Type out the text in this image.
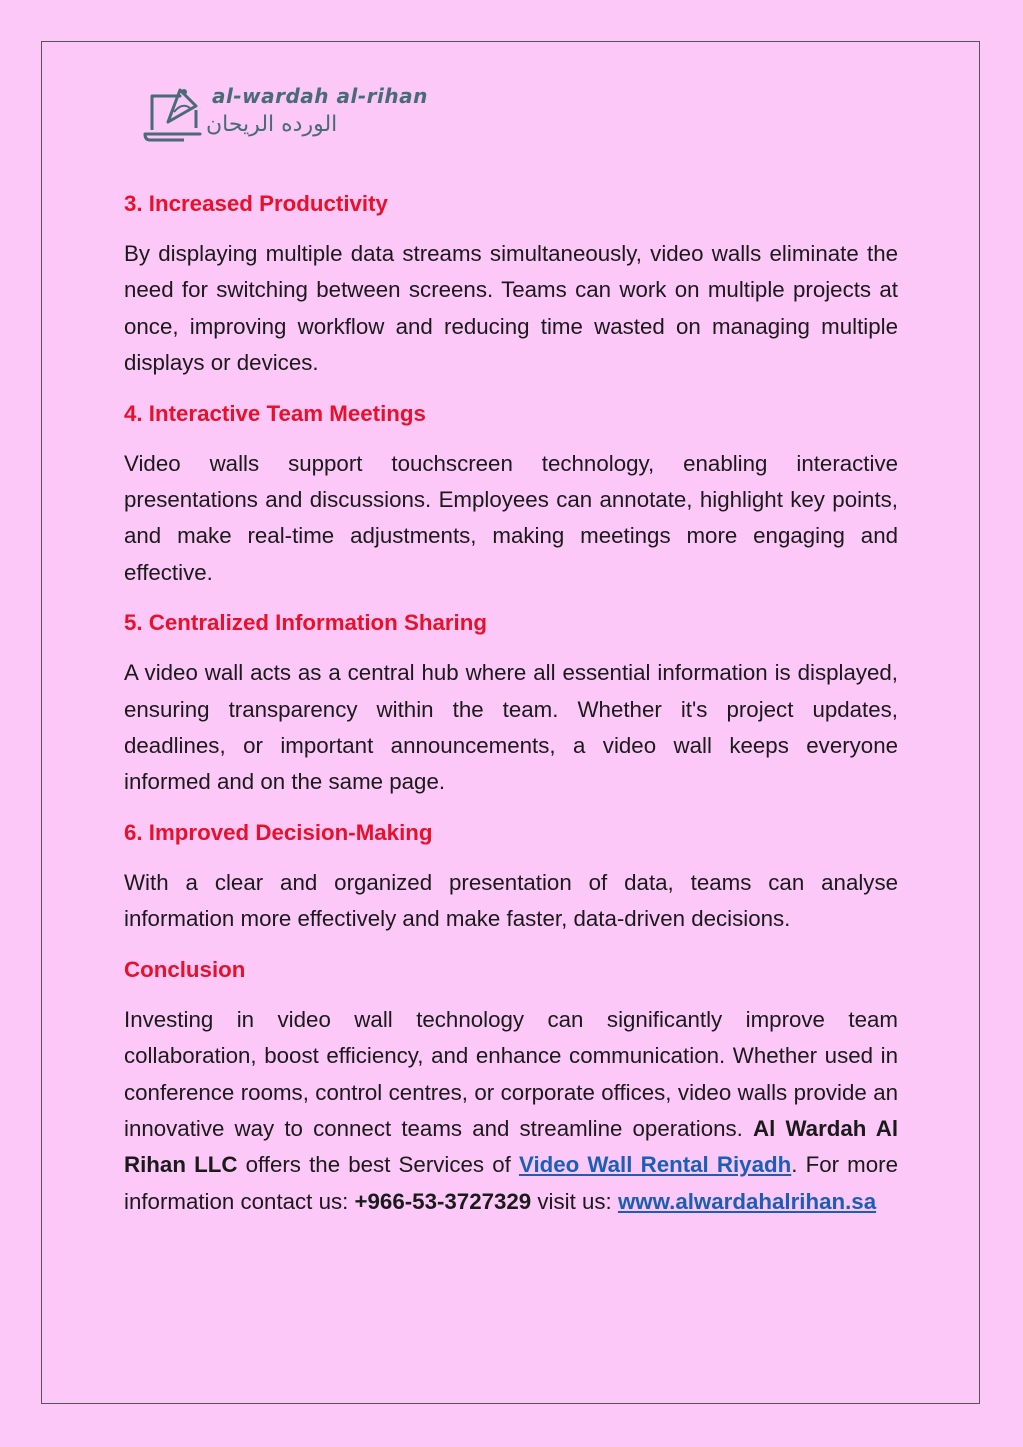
al-wardah al-rihan
الورده الريحان
3. Increased Productivity

By displaying multiple data streams simultaneously, video walls eliminate the need for switching between screens. Teams can work on multiple projects at once, improving workflow and reducing time wasted on managing multiple displays or devices.

4. Interactive Team Meetings

Video walls support touchscreen technology, enabling interactive presentations and discussions. Employees can annotate, highlight key points, and make real-time adjustments, making meetings more engaging and effective.

5. Centralized Information Sharing

A video wall acts as a central hub where all essential information is displayed, ensuring transparency within the team. Whether it's project updates, deadlines, or important announcements, a video wall keeps everyone informed and on the same page.

6. Improved Decision-Making

With a clear and organized presentation of data, teams can analyse information more effectively and make faster, data-driven decisions.

Conclusion

Investing in video wall technology can significantly improve team collaboration, boost efficiency, and enhance communication. Whether used in conference rooms, control centres, or corporate offices, video walls provide an innovative way to connect teams and streamline operations. Al Wardah Al Rihan LLC offers the best Services of Video Wall Rental Riyadh. For more information contact us: +966-53-3727329 visit us: www.alwardahalrihan.sa
